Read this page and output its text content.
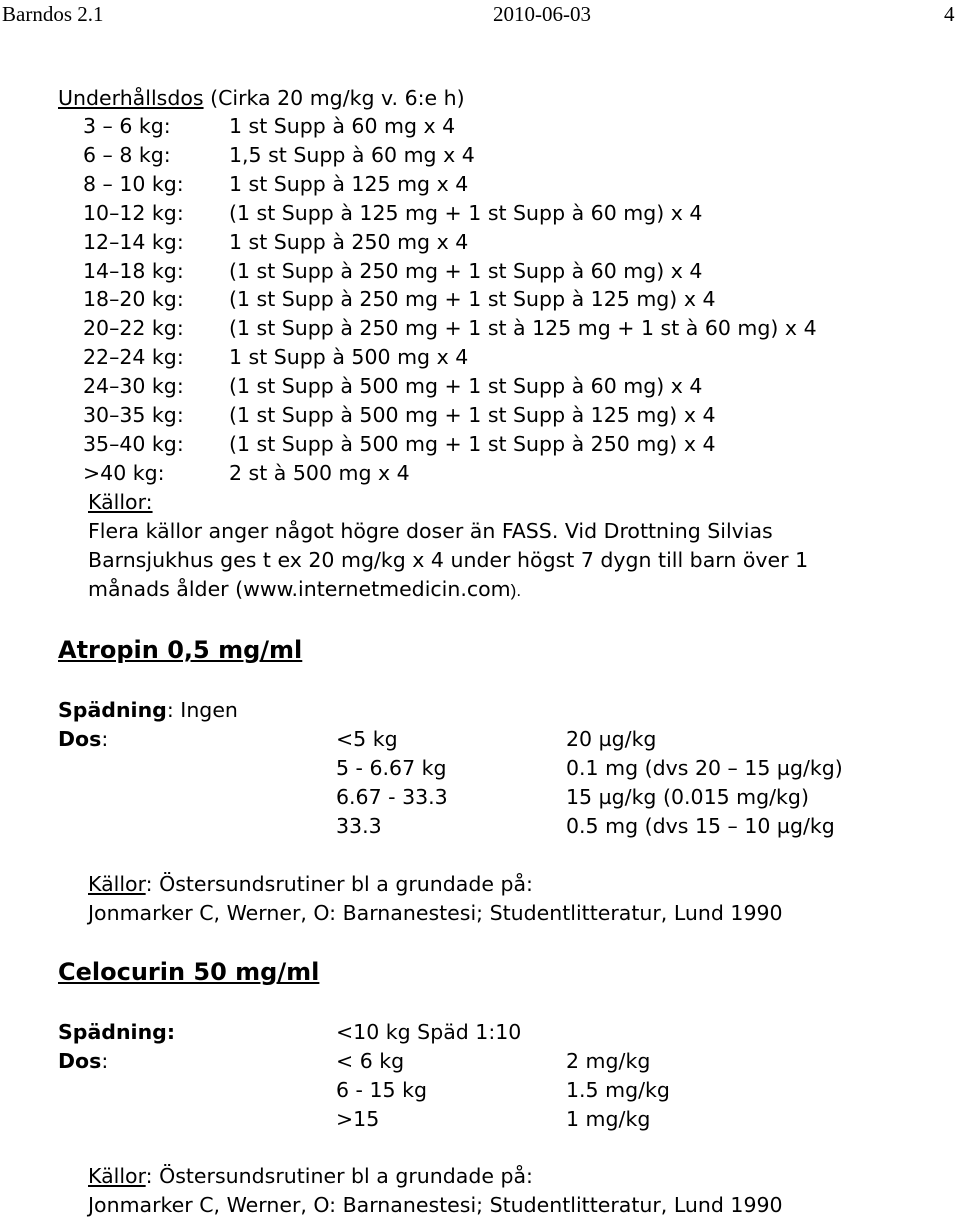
Barndos 2.1	2010-06-03	4
Underhållsdos (Cirka 20 mg/kg v. 6:e h)
3 – 6 kg:	1 st Supp à 60 mg x 4
6 – 8 kg:	1,5 st Supp à 60 mg x 4
8 – 10 kg: 1 st Supp à 125 mg x 4
10–12 kg: (1 st Supp à 125 mg + 1 st Supp à 60 mg) x 4
12–14 kg: 1 st Supp à 250 mg x 4
14–18 kg: (1 st Supp à 250 mg + 1 st Supp à 60 mg) x 4
18–20 kg: (1 st Supp à 250 mg + 1 st Supp à 125 mg) x 4
20–22 kg: (1 st Supp à 250 mg + 1 st à 125 mg + 1 st à 60 mg) x 4
22–24 kg: 1 st Supp à 500 mg x 4
24–30 kg: (1 st Supp à 500 mg + 1 st Supp à 60 mg) x 4
30–35 kg: (1 st Supp à 500 mg + 1 st Supp à 125 mg) x 4
35–40 kg: (1 st Supp à 500 mg + 1 st Supp à 250 mg) x 4
>40 kg:	2 st à 500 mg x 4
Källor:
Flera källor anger något högre doser än FASS. Vid Drottning Silvias
Barnsjukhus ges t ex 20 mg/kg x 4 under högst 7 dygn till barn över 1
månads ålder (www.internetmedicin.com).
Atropin 0,5 mg/ml
Spädning: Ingen
Dos:	<5 kg	20 µg/kg
5 - 6.67 kg	0.1 mg (dvs 20 – 15 µg/kg)
6.67 - 33.3	15 µg/kg (0.015 mg/kg)
33.3	0.5 mg (dvs 15 – 10 µg/kg
Källor: Östersundsrutiner bl a grundade på:
Jonmarker C, Werner, O: Barnanestesi; Studentlitteratur, Lund 1990
Celocurin 50 mg/ml
Spädning:	<10 kg Späd 1:10
Dos:	< 6 kg	2 mg/kg
6 - 15 kg	1.5 mg/kg
>15	1 mg/kg
Källor: Östersundsrutiner bl a grundade på:
Jonmarker C, Werner, O: Barnanestesi; Studentlitteratur, Lund 1990
